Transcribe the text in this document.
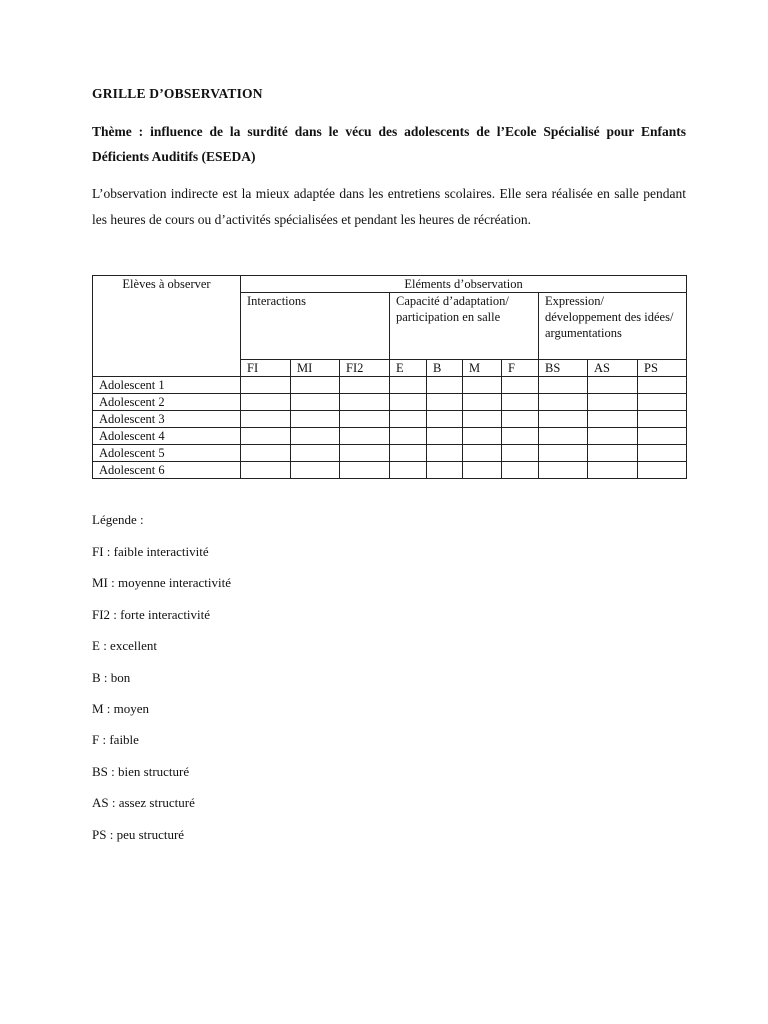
GRILLE D’OBSERVATION
Thème : influence de la surdité dans le vécu des adolescents de l’Ecole Spécialisé pour Enfants Déficients Auditifs (ESEDA)
L’observation indirecte est la mieux adaptée dans les entretiens scolaires. Elle sera réalisée en salle pendant les heures de cours ou d’activités spécialisées et pendant les heures de récréation.
Elèves à observer	Eléments d’observation									
	Interactions			Capacité d’adaptation/ participation en salle				Expression/ développement des idées/ argumentations		
	FI	MI	FI2	E	B	M	F	BS	AS	PS
Adolescent 1										
Adolescent 2										
Adolescent 3										
Adolescent 4										
Adolescent 5										
Adolescent 6										
Légende :
FI : faible interactivité
MI : moyenne interactivité
FI2 : forte interactivité
E : excellent
B : bon
M : moyen
F : faible
BS : bien structuré
AS : assez structuré
PS : peu structuré
